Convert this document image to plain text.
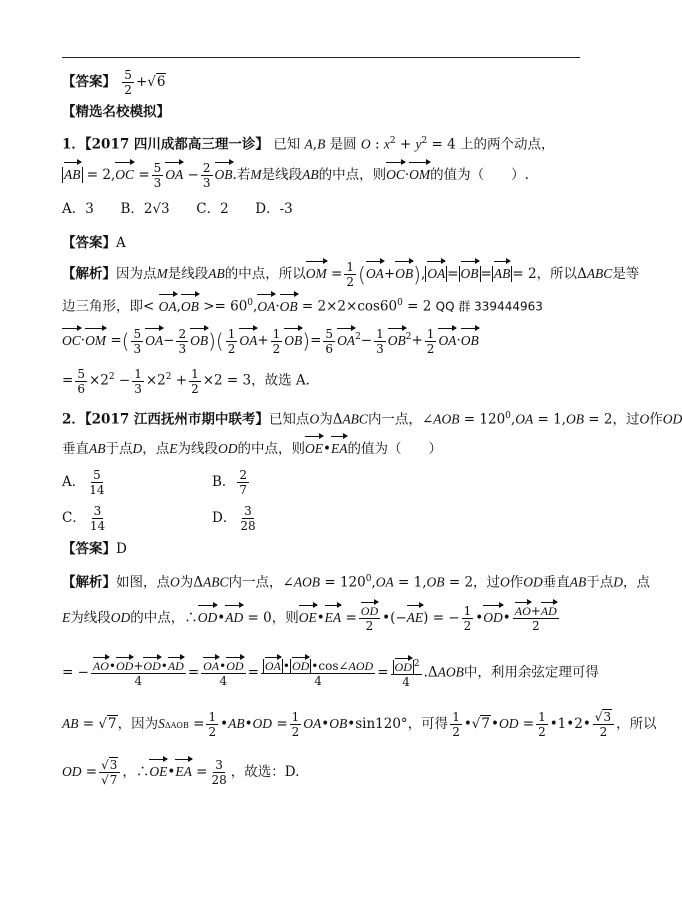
【答案】 $\frac{5}{2} +√6$
【精选名校模拟】
1．【2017 四川成都高三理一诊】 已知 A,B 是圆 O : $x^2 + y^2 = 4$ 上的两个动点，
AB = $2,OC = \frac{5}{3}$ OA − $\frac{2}{3}$ OB.若M是线段AB的中点，则OC·OM的值为（　　）.
A．3 B．2√3 C．2 D．-3
【答案】A
【解析】因为点M是线段AB的中点，所以OM = $\frac{1}{2} (OA+OB)$, OA = OB = AB = 2，所以ΔABC是等
边三角形，即< $OA,OB >= 60^0,OA\cdot OB = 2\times 2\times\cos 60^0 = 2$ QQ 群 339444963
OC·OM =( $\frac{5}{3} OA- \frac{2}{3} OB)( \frac{1}{2} OA+ \frac{1}{2} OB)= \frac{5}{6} OA^2- \frac{1}{3} OB^2+ \frac{1}{2} OA\cdot OB$
= $\frac{5}{6} \times 2^2 - \frac{1}{3} \times 2^2 + \frac{1}{2} \times 2 = 3$，故选 A.
2．【2017 江西抚州市期中联考】已知点O为ΔABC内一点，∠AOB = $120^0,OA = 1,OB = 2$，过O作OD
垂直AB于点D，点E为线段OD的中点，则OE•EA的值为（　　）
A． $\frac{5}{14}$	B． $\frac{2}{7}$
C． $\frac{3}{14}$	D． $\frac{3}{28}$
【答案】D
【解析】如图，点O为ΔABC内一点，∠AOB = $120^0,OA = 1,OB = 2$，过O作OD垂直AB于点D，点
E为线段OD的中点，∴OD•AD = 0，则OE•EA = $\frac{OD}{2}$ •(−AE) = − $\frac{1}{2}$ •OD• $\frac{AO+AD}{2}$
= − $\frac{AO•OD+OD•AD}{4} = \frac{OA•OD}{4} = \frac{\text{OA • OD •cos∠AOD}}{4} = \frac{OD ^2}{4} .\Delta AOB$中，利用余弦定理可得
AB = √7，因为$S\Delta AOB = \frac{1}{2}$ •AB•OD = $\frac{1}{2}$ OA•OB•sin120°，可得 $\frac{1}{2}$ •√7•OD = $\frac{1}{2}$ •1•2• $\frac{√3}{2}$ ，所以
OD = $\frac{√3}{√7}$ ，∴OE•EA = $\frac{3}{28}$ ，故选：D.
